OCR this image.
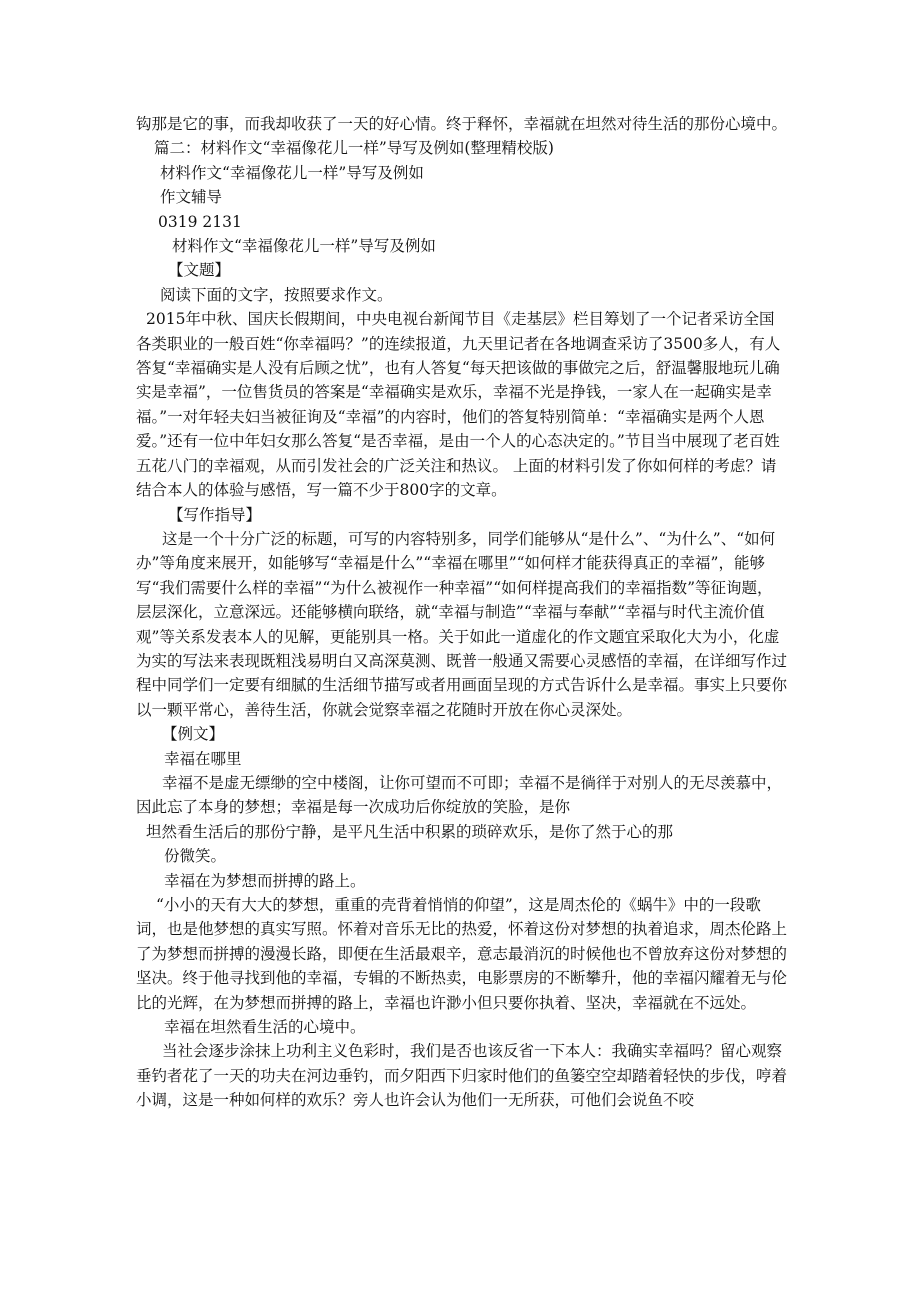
钩那是它的事，而我却收获了一天的好心情。终于释怀，幸福就在坦然对待生活的那份心境中。

篇二：材料作文“幸福像花儿一样”导写及例如(整理精校版)

材料作文“幸福像花儿一样”导写及例如

作文辅导

0319 2131

材料作文“幸福像花儿一样”导写及例如

【文题】

阅读下面的文字，按照要求作文。

2015年中秋、国庆长假期间，中央电视台新闻节目《走基层》栏目筹划了一个记者采访全国各类职业的一般百姓“你幸福吗？”的连续报道，九天里记者在各地调查采访了3500多人，有人答复“幸福确实是人没有后顾之忧”，也有人答复“每天把该做的事做完之后，舒温馨服地玩儿确实是幸福”，一位售货员的答案是“幸福确实是欢乐，幸福不光是挣钱，一家人在一起确实是幸福。”一对年轻夫妇当被征询及“幸福”的内容时，他们的答复特别简单：“幸福确实是两个人恩爱。”还有一位中年妇女那么答复“是否幸福，是由一个人的心态决定的。”节目当中展现了老百姓五花八门的幸福观，从而引发社会的广泛关注和热议。 上面的材料引发了你如何样的考虑？请结合本人的体验与感悟，写一篇不少于800字的文章。

【写作指导】

这是一个十分广泛的标题，可写的内容特别多，同学们能够从“是什么”、“为什么”、“如何办”等角度来展开，如能够写“幸福是什么”“幸福在哪里”“如何样才能获得真正的幸福”，能够写“我们需要什么样的幸福”“为什么被视作一种幸福”“如何样提高我们的幸福指数”等征询题，层层深化，立意深远。还能够横向联络，就“幸福与制造”“幸福与奉献”“幸福与时代主流价值观”等关系发表本人的见解，更能别具一格。关于如此一道虚化的作文题宜采取化大为小，化虚为实的写法来表现既粗浅易明白又高深莫测、既普一般通又需要心灵感悟的幸福，在详细写作过程中同学们一定要有细腻的生活细节描写或者用画面呈现的方式告诉什么是幸福。事实上只要你以一颗平常心，善待生活，你就会觉察幸福之花随时开放在你心灵深处。

【例文】

幸福在哪里

幸福不是虚无缥缈的空中楼阁，让你可望而不可即；幸福不是徜徉于对别人的无尽羡慕中，因此忘了本身的梦想；幸福是每一次成功后你绽放的笑脸，是你

坦然看生活后的那份宁静，是平凡生活中积累的琐碎欢乐，是你了然于心的那

份微笑。

幸福在为梦想而拼搏的路上。

“小小的天有大大的梦想，重重的壳背着悄悄的仰望”，这是周杰伦的《蜗牛》中的一段歌词，也是他梦想的真实写照。怀着对音乐无比的热爱，怀着这份对梦想的执着追求，周杰伦路上了为梦想而拼搏的漫漫长路，即便在生活最艰辛，意志最消沉的时候他也不曾放弃这份对梦想的坚决。终于他寻找到他的幸福，专辑的不断热卖，电影票房的不断攀升，他的幸福闪耀着无与伦比的光辉，在为梦想而拼搏的路上，幸福也许渺小但只要你执着、坚决，幸福就在不远处。

幸福在坦然看生活的心境中。

当社会逐步涂抹上功利主义色彩时，我们是否也该反省一下本人：我确实幸福吗？留心观察垂钓者花了一天的功夫在河边垂钓，而夕阳西下归家时他们的鱼篓空空却踏着轻快的步伐，哼着小调，这是一种如何样的欢乐？旁人也许会认为他们一无所获，可他们会说鱼不咬
